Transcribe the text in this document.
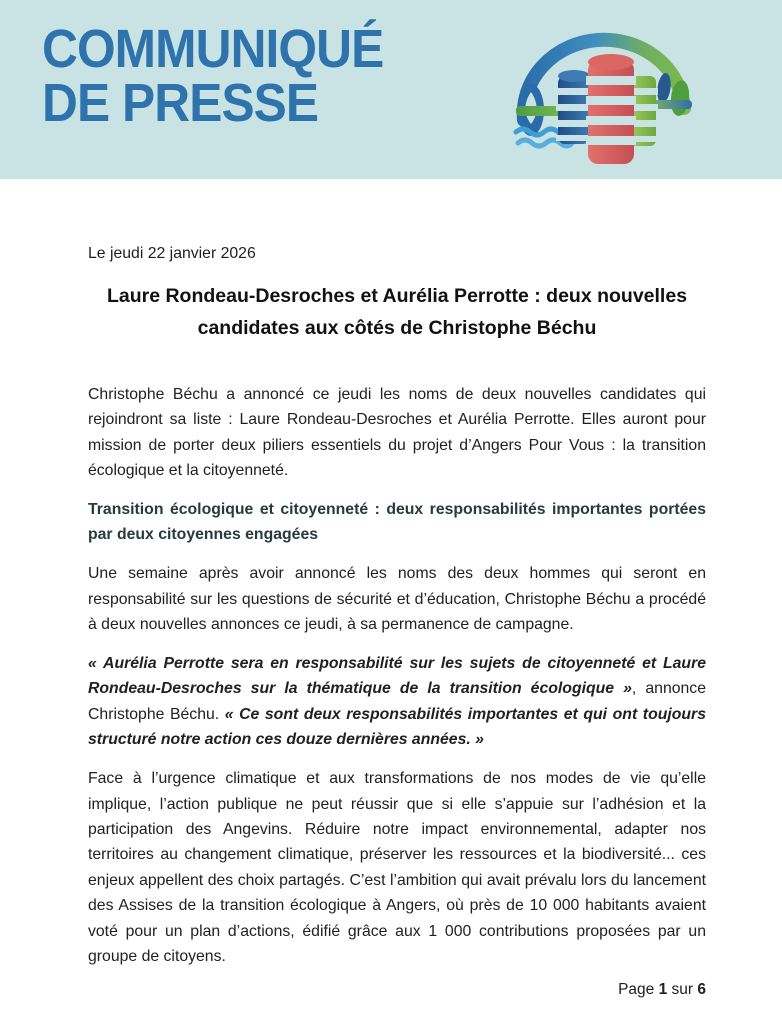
COMMUNIQUÉ
DE PRESSE

Le jeudi 22 janvier 2026

Laure Rondeau-Desroches et Aurélia Perrotte : deux nouvelles candidates aux côtés de Christophe Béchu

Christophe Béchu a annoncé ce jeudi les noms de deux nouvelles candidates qui rejoindront sa liste : Laure Rondeau-Desroches et Aurélia Perrotte. Elles auront pour mission de porter deux piliers essentiels du projet d’Angers Pour Vous : la transition écologique et la citoyenneté.

Transition écologique et citoyenneté : deux responsabilités importantes portées par deux citoyennes engagées

Une semaine après avoir annoncé les noms des deux hommes qui seront en responsabilité sur les questions de sécurité et d’éducation, Christophe Béchu a procédé à deux nouvelles annonces ce jeudi, à sa permanence de campagne.

« Aurélia Perrotte sera en responsabilité sur les sujets de citoyenneté et Laure Rondeau-Desroches sur la thématique de la transition écologique », annonce Christophe Béchu. « Ce sont deux responsabilités importantes et qui ont toujours structuré notre action ces douze dernières années. »

Face à l’urgence climatique et aux transformations de nos modes de vie qu’elle implique, l’action publique ne peut réussir que si elle s’appuie sur l’adhésion et la participation des Angevins. Réduire notre impact environnemental, adapter nos territoires au changement climatique, préserver les ressources et la biodiversité... ces enjeux appellent des choix partagés. C’est l’ambition qui avait prévalu lors du lancement des Assises de la transition écologique à Angers, où près de 10 000 habitants avaient voté pour un plan d’actions, édifié grâce aux 1 000 contributions proposées par un groupe de citoyens.

Page 1 sur 6
